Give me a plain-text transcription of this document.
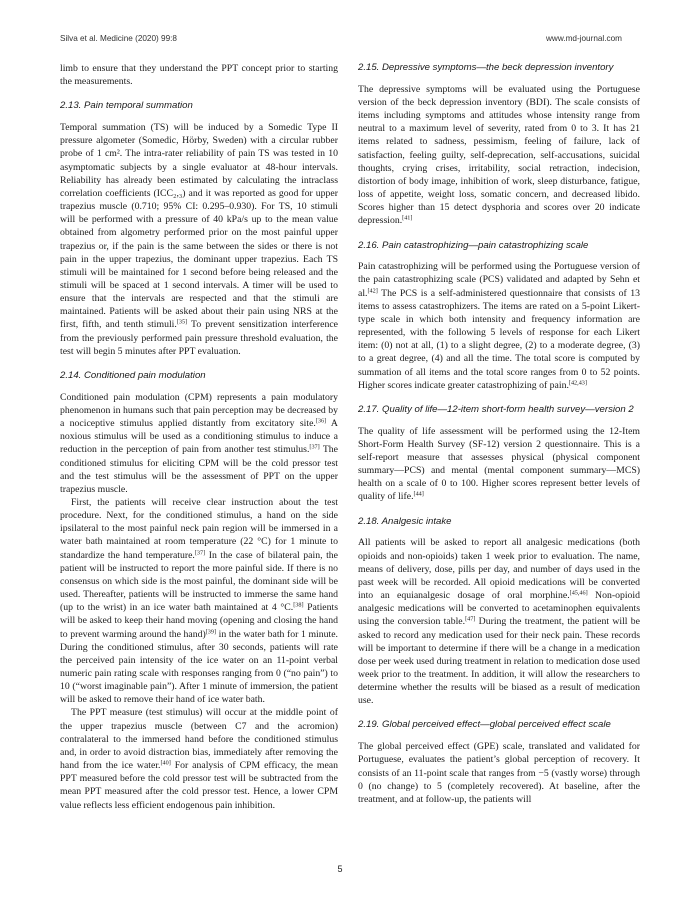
Silva et al. Medicine (2020) 99:8	www.md-journal.com

limb to ensure that they understand the PPT concept prior to starting the measurements.

2.13. Pain temporal summation

Temporal summation (TS) will be induced by a Somedic Type II pressure algometer (Somedic, Hörby, Sweden) with a circular rubber probe of 1 cm². The intra-rater reliability of pain TS was tested in 10 asymptomatic subjects by a single evaluator at 48-hour intervals. Reliability has already been estimated by calculating the intraclass correlation coefficients (ICC₂,₃) and it was reported as good for upper trapezius muscle (0.710; 95% CI: 0.295–0.930). For TS, 10 stimuli will be performed with a pressure of 40 kPa/s up to the mean value obtained from algometry performed prior on the most painful upper trapezius or, if the pain is the same between the sides or there is not pain in the upper trapezius, the dominant upper trapezius. Each TS stimuli will be maintained for 1 second before being released and the stimuli will be spaced at 1 second intervals. A timer will be used to ensure that the intervals are respected and that the stimuli are maintained. Patients will be asked about their pain using NRS at the first, fifth, and tenth stimuli.[35] To prevent sensitization interference from the previously performed pain pressure threshold evaluation, the test will begin 5 minutes after PPT evaluation.

2.14. Conditioned pain modulation

Conditioned pain modulation (CPM) represents a pain modulatory phenomenon in humans such that pain perception may be decreased by a nociceptive stimulus applied distantly from excitatory site.[36] A noxious stimulus will be used as a conditioning stimulus to induce a reduction in the perception of pain from another test stimulus.[37] The conditioned stimulus for eliciting CPM will be the cold pressor test and the test stimulus will be the assessment of PPT on the upper trapezius muscle.

First, the patients will receive clear instruction about the test procedure. Next, for the conditioned stimulus, a hand on the side ipsilateral to the most painful neck pain region will be immersed in a water bath maintained at room temperature (22 °C) for 1 minute to standardize the hand temperature.[37] In the case of bilateral pain, the patient will be instructed to report the more painful side. If there is no consensus on which side is the most painful, the dominant side will be used. Thereafter, patients will be instructed to immerse the same hand (up to the wrist) in an ice water bath maintained at 4 °C.[38] Patients will be asked to keep their hand moving (opening and closing the hand to prevent warming around the hand)[39] in the water bath for 1 minute. During the conditioned stimulus, after 30 seconds, patients will rate the perceived pain intensity of the ice water on an 11-point verbal numeric pain rating scale with responses ranging from 0 (“no pain”) to 10 (“worst imaginable pain”). After 1 minute of immersion, the patient will be asked to remove their hand of ice water bath.

The PPT measure (test stimulus) will occur at the middle point of the upper trapezius muscle (between C7 and the acromion) contralateral to the immersed hand before the conditioned stimulus and, in order to avoid distraction bias, immediately after removing the hand from the ice water.[40] For analysis of CPM efficacy, the mean PPT measured before the cold pressor test will be subtracted from the mean PPT measured after the cold pressor test. Hence, a lower CPM value reflects less efficient endogenous pain inhibition.

2.15. Depressive symptoms—the beck depression inventory

The depressive symptoms will be evaluated using the Portuguese version of the beck depression inventory (BDI). The scale consists of items including symptoms and attitudes whose intensity range from neutral to a maximum level of severity, rated from 0 to 3. It has 21 items related to sadness, pessimism, feeling of failure, lack of satisfaction, feeling guilty, self-deprecation, self-accusations, suicidal thoughts, crying crises, irritability, social retraction, indecision, distortion of body image, inhibition of work, sleep disturbance, fatigue, loss of appetite, weight loss, somatic concern, and decreased libido. Scores higher than 15 detect dysphoria and scores over 20 indicate depression.[41]

2.16. Pain catastrophizing—pain catastrophizing scale

Pain catastrophizing will be performed using the Portuguese version of the pain catastrophizing scale (PCS) validated and adapted by Sehn et al.[42] The PCS is a self-administered questionnaire that consists of 13 items to assess catastrophizers. The items are rated on a 5-point Likert-type scale in which both intensity and frequency information are represented, with the following 5 levels of response for each Likert item: (0) not at all, (1) to a slight degree, (2) to a moderate degree, (3) to a great degree, (4) and all the time. The total score is computed by summation of all items and the total score ranges from 0 to 52 points. Higher scores indicate greater catastrophizing of pain.[42,43]

2.17. Quality of life—12-item short-form health survey—version 2

The quality of life assessment will be performed using the 12-Item Short-Form Health Survey (SF-12) version 2 questionnaire. This is a self-report measure that assesses physical (physical component summary—PCS) and mental (mental component summary—MCS) health on a scale of 0 to 100. Higher scores represent better levels of quality of life.[44]

2.18. Analgesic intake

All patients will be asked to report all analgesic medications (both opioids and non-opioids) taken 1 week prior to evaluation. The name, means of delivery, dose, pills per day, and number of days used in the past week will be recorded. All opioid medications will be converted into an equianalgesic dosage of oral morphine.[45,46] Non-opioid analgesic medications will be converted to acetaminophen equivalents using the conversion table.[47] During the treatment, the patient will be asked to record any medication used for their neck pain. These records will be important to determine if there will be a change in a medication dose per week used during treatment in relation to medication dose used week prior to the treatment. In addition, it will allow the researchers to determine whether the results will be biased as a result of medication use.

2.19. Global perceived effect—global perceived effect scale

The global perceived effect (GPE) scale, translated and validated for Portuguese, evaluates the patient’s global perception of recovery. It consists of an 11-point scale that ranges from −5 (vastly worse) through 0 (no change) to 5 (completely recovered). At baseline, after the treatment, and at follow-up, the patients will

5
